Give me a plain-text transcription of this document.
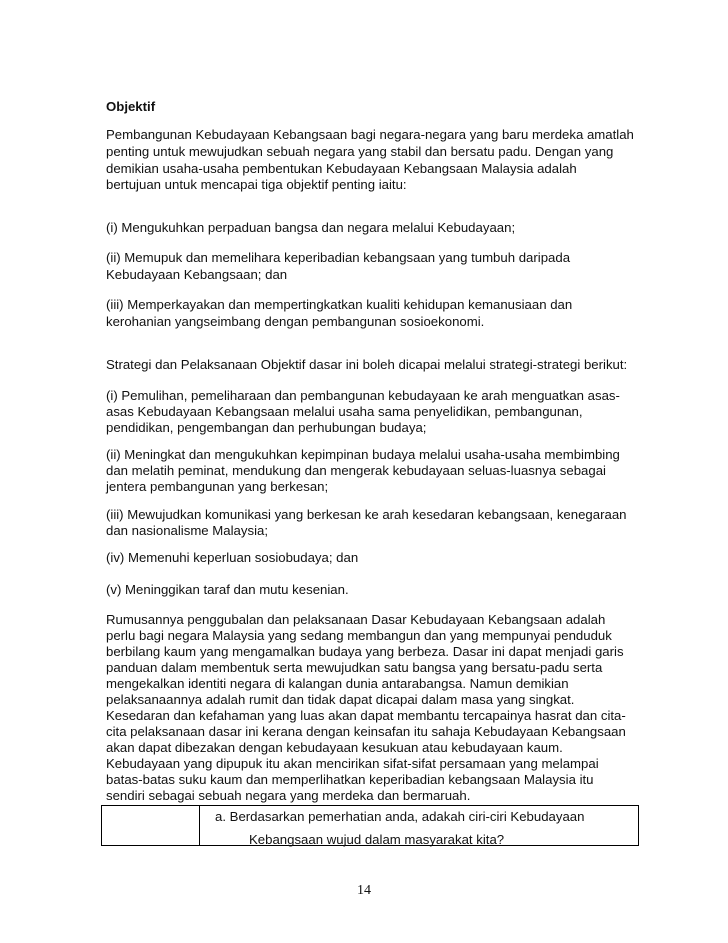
Objektif
Pembangunan Kebudayaan Kebangsaan bagi negara-negara yang baru merdeka amatlah
penting untuk mewujudkan sebuah negara yang stabil dan bersatu padu. Dengan yang
demikian usaha-usaha pembentukan Kebudayaan Kebangsaan Malaysia adalah
bertujuan untuk mencapai tiga objektif penting iaitu:
(i) Mengukuhkan perpaduan bangsa dan negara melalui Kebudayaan;
(ii) Memupuk dan memelihara keperibadian kebangsaan yang tumbuh daripada
Kebudayaan Kebangsaan; dan
(iii) Memperkayakan dan mempertingkatkan kualiti kehidupan kemanusiaan dan
kerohanian yangseimbang dengan pembangunan sosioekonomi.
Strategi dan Pelaksanaan Objektif dasar ini boleh dicapai melalui strategi-strategi berikut:
(i) Pemulihan, pemeliharaan dan pembangunan kebudayaan ke arah menguatkan asas-
asas Kebudayaan Kebangsaan melalui usaha sama penyelidikan, pembangunan,
pendidikan, pengembangan dan perhubungan budaya;
(ii) Meningkat dan mengukuhkan kepimpinan budaya melalui usaha-usaha membimbing
dan melatih peminat, mendukung dan mengerak kebudayaan seluas-luasnya sebagai
jentera pembangunan yang berkesan;
(iii) Mewujudkan komunikasi yang berkesan ke arah kesedaran kebangsaan, kenegaraan
dan nasionalisme Malaysia;
(iv) Memenuhi keperluan sosiobudaya; dan
(v) Meninggikan taraf dan mutu kesenian.
Rumusannya penggubalan dan pelaksanaan Dasar Kebudayaan Kebangsaan adalah
perlu bagi negara Malaysia yang sedang membangun dan yang mempunyai penduduk
berbilang kaum yang mengamalkan budaya yang berbeza. Dasar ini dapat menjadi garis
panduan dalam membentuk serta mewujudkan satu bangsa yang bersatu-padu serta
mengekalkan identiti negara di kalangan dunia antarabangsa. Namun demikian
pelaksanaannya adalah rumit dan tidak dapat dicapai dalam masa yang singkat.
Kesedaran dan kefahaman yang luas akan dapat membantu tercapainya hasrat dan cita-
cita pelaksanaan dasar ini kerana dengan keinsafan itu sahaja Kebudayaan Kebangsaan
akan dapat dibezakan dengan kebudayaan kesukuan atau kebudayaan kaum.
Kebudayaan yang dipupuk itu akan mencirikan sifat-sifat persamaan yang melampai
batas-batas suku kaum dan memperlihatkan keperibadian kebangsaan Malaysia itu
sendiri sebagai sebuah negara yang merdeka dan bermaruah.
a. Berdasarkan pemerhatian anda, adakah ciri-ciri Kebudayaan
Kebangsaan wujud dalam masyarakat kita?
14
